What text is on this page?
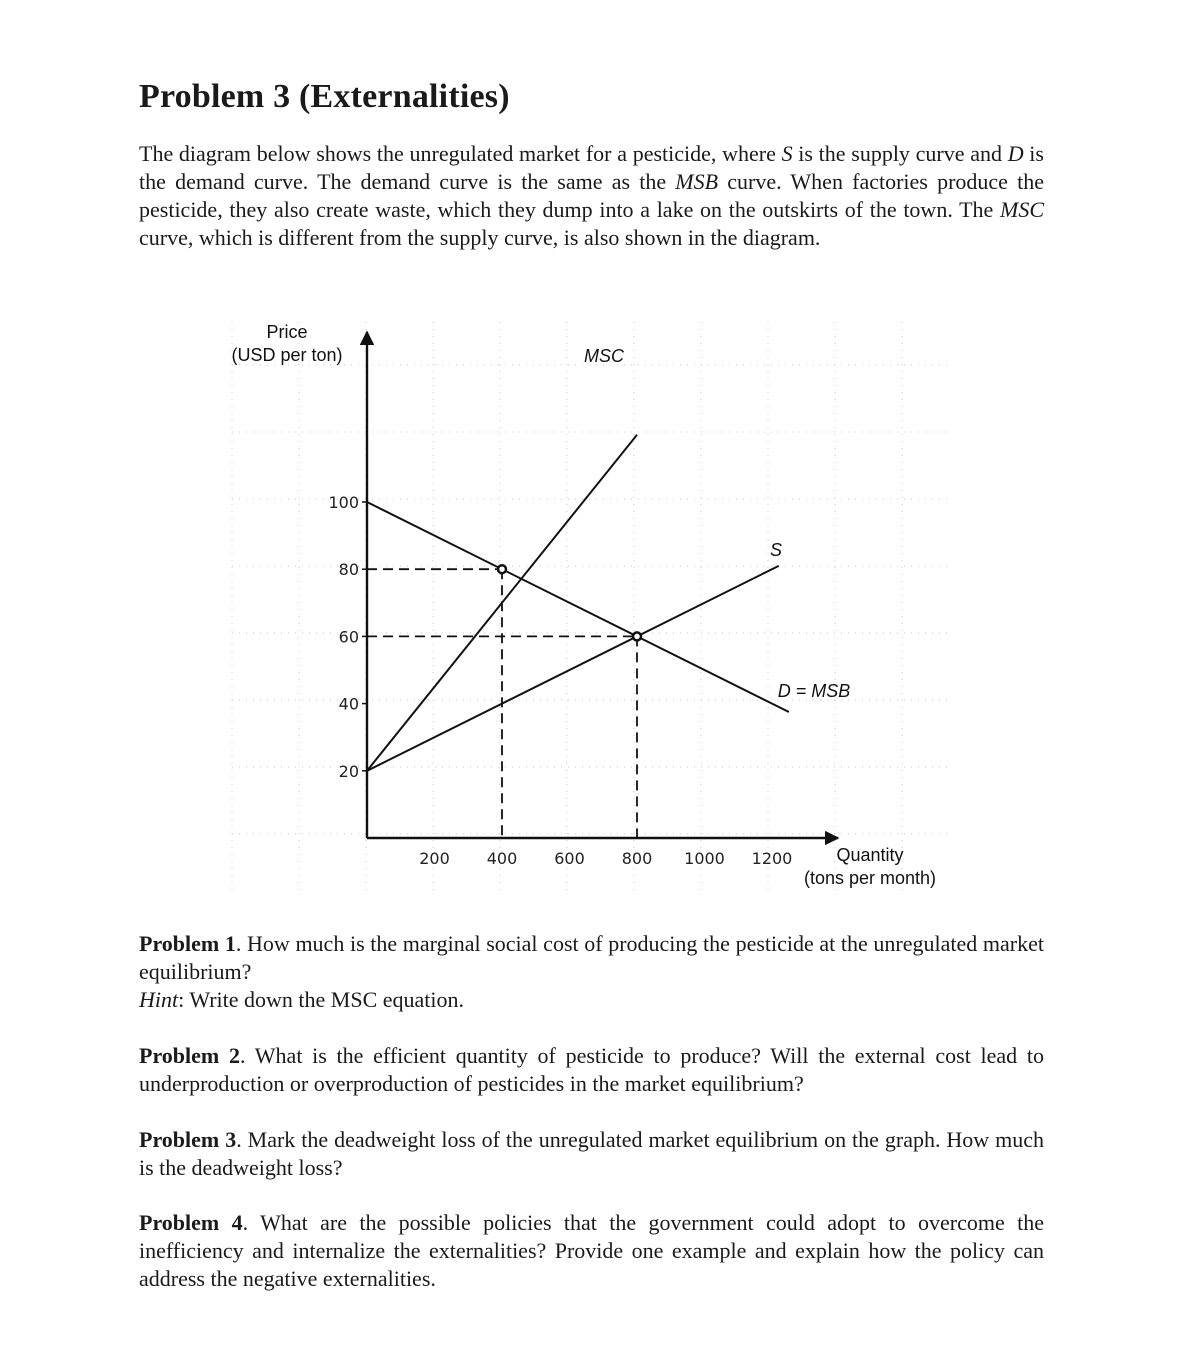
Problem 3 (Externalities)

The diagram below shows the unregulated market for a pesticide, where S is the supply curve and D is the demand curve. The demand curve is the same as the MSB curve. When factories produce the pesticide, they also create waste, which they dump into a lake on the outskirts of the town. The MSC curve, which is different from the supply curve, is also shown in the diagram.

20
40
60
80
100
200 400 600 800 1000 1200
Price
(USD per ton)
Quantity
(tons per month)
MSC
S
D = MSB

Problem 1. How much is the marginal social cost of producing the pesticide at the unregulated market equilibrium?
Hint: Write down the MSC equation.

Problem 2. What is the efficient quantity of pesticide to produce? Will the external cost lead to underproduction or overproduction of pesticides in the market equilibrium?

Problem 3. Mark the deadweight loss of the unregulated market equilibrium on the graph. How much is the deadweight loss?

Problem 4. What are the possible policies that the government could adopt to overcome the inefficiency and internalize the externalities? Provide one example and explain how the policy can address the negative externalities.
